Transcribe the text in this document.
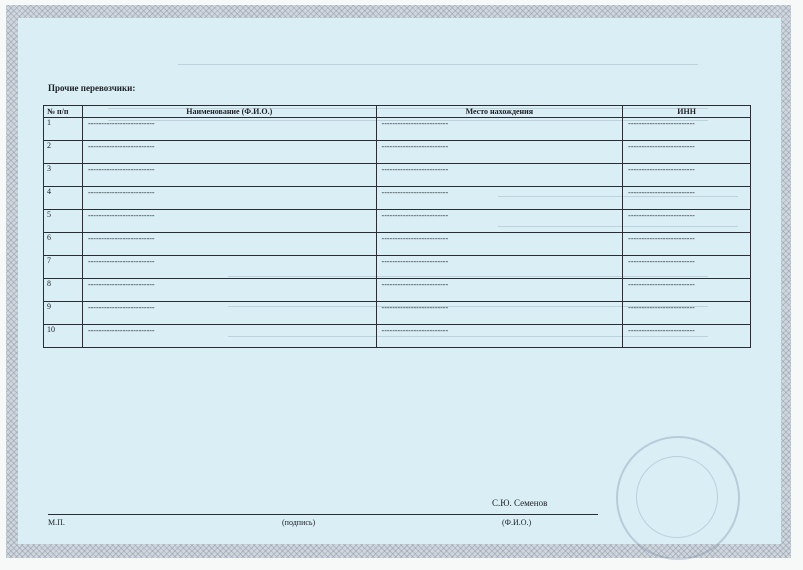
Прочие перевозчики:
№ п/п	Наименование (Ф.И.О.)	Место нахождения	ИНН
1	-------------------------	-------------------------	-------------------------
2	-------------------------	-------------------------	-------------------------
3	-------------------------	-------------------------	-------------------------
4	-------------------------	-------------------------	-------------------------
5	-------------------------	-------------------------	-------------------------
6	-------------------------	-------------------------	-------------------------
7	-------------------------	-------------------------	-------------------------
8	-------------------------	-------------------------	-------------------------
9	-------------------------	-------------------------	-------------------------
10	-------------------------	-------------------------	-------------------------
С.Ю. Семенов
М.П.	(подпись)	(Ф.И.О.)
